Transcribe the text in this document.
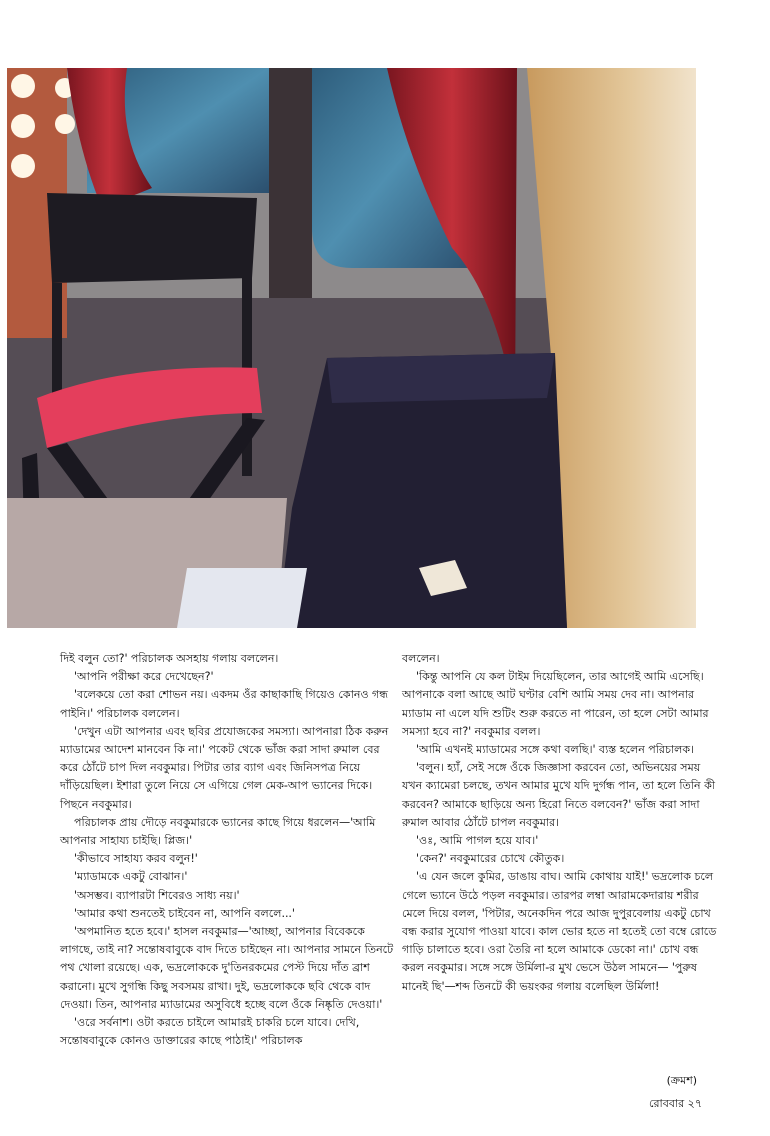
দিই বলুন তো?' পরিচালক অসহায় গলায় বললেন।

'আপনি পরীক্ষা করে দেখেছেন?'

'বলেকয়ে তো করা শোভন নয়। একদম ওঁর কাছাকাছি গিয়েও কোনও গন্ধ পাইনি।' পরিচালক বললেন।

'দেখুন এটা আপনার এবং ছবির প্রযোজকের সমস্যা। আপনারা ঠিক করুন ম্যাডামের আদেশ মানবেন কি না।' পকেট থেকে ভাঁজ করা সাদা রুমাল বের করে ঠোঁটে চাপ দিল নবকুমার। পিটার তার ব্যাগ এবং জিনিসপত্র নিয়ে দাঁড়িয়েছিল। ইশারা তুলে নিয়ে সে এগিয়ে গেল মেক-আপ ভ্যানের দিকে। পিছনে নবকুমার।

পরিচালক প্রায় দৌড়ে নবকুমারকে ভ্যানের কাছে গিয়ে ধরলেন—'আমি আপনার সাহায্য চাইছি। প্লিজ।'

'কীভাবে সাহায্য করব বলুন!'

'ম্যাডামকে একটু বোঝান।'

'অসম্ভব। ব্যাপারটা শিবেরও সাধ্য নয়।'

'আমার কথা শুনতেই চাইবেন না, আপনি বললে...'

'অপমানিত হতে হবে।' হাসল নবকুমার—'আচ্ছা, আপনার বিবেককে লাগছে, তাই না? সন্তোষবাবুকে বাদ দিতে চাইছেন না। আপনার সামনে তিনটে পথ খোলা রয়েছে। এক, ভদ্রলোককে দু'তিনরকমের পেস্ট দিয়ে দাঁত ব্রাশ করানো। মুখে সুগন্ধি কিছু সবসময় রাখা। দুই, ভদ্রলোককে ছবি থেকে বাদ দেওয়া। তিন, আপনার ম্যাডামের অসুবিধে হচ্ছে বলে ওঁকে নিষ্কৃতি দেওয়া।'

'ওরে সর্বনাশ। ওটা করতে চাইলে আমারই চাকরি চলে যাবে। দেখি, সন্তোষবাবুকে কোনও ডাক্তারের কাছে পাঠাই।' পরিচালক

বললেন।

'কিন্তু আপনি যে কল টাইম দিয়েছিলেন, তার আগেই আমি এসেছি। আপনাকে বলা আছে আট ঘণ্টার বেশি আমি সময় দেব না। আপনার ম্যাডাম না এলে যদি শুটিং শুরু করতে না পারেন, তা হলে সেটা আমার সমস্যা হবে না?' নবকুমার বলল।

'আমি এখনই ম্যাডামের সঙ্গে কথা বলছি।' ব্যস্ত হলেন পরিচালক।

'বলুন। হ্যাঁ, সেই সঙ্গে ওঁকে জিজ্ঞাসা করবেন তো, অভিনয়ের সময় যখন ক্যামেরা চলছে, তখন আমার মুখে যদি দুর্গন্ধ পান, তা হলে তিনি কী করবেন? আমাকে ছাড়িয়ে অন্য হিরো নিতে বলবেন?' ভাঁজ করা সাদা রুমাল আবার ঠোঁটে চাপল নবকুমার।

'ওঃ, আমি পাগল হয়ে যাব।'

'কেন?' নবকুমারের চোখে কৌতুক।

'এ যেন জলে কুমির, ডাঙায় বাঘ। আমি কোথায় যাই!' ভদ্রলোক চলে গেলে ভ্যানে উঠে পড়ল নবকুমার। তারপর লম্বা আরামকেদারায় শরীর মেলে দিয়ে বলল, 'পিটার, অনেকদিন পরে আজ দুপুরবেলায় একটু চোখ বন্ধ করার সুযোগ পাওয়া যাবে। কাল ভোর হতে না হতেই তো বম্বে রোডে গাড়ি চালাতে হবে। ওরা তৈরি না হলে আমাকে ডেকো না।' চোখ বন্ধ করল নবকুমার। সঙ্গে সঙ্গে উর্মিলা-র মুখ ভেসে উঠল সামনে— 'পুরুষ মানেই ছি'—শব্দ তিনটে কী ভয়ংকর গলায় বলেছিল উর্মিলা!

(ক্রমশ)
রোববার ২৭
